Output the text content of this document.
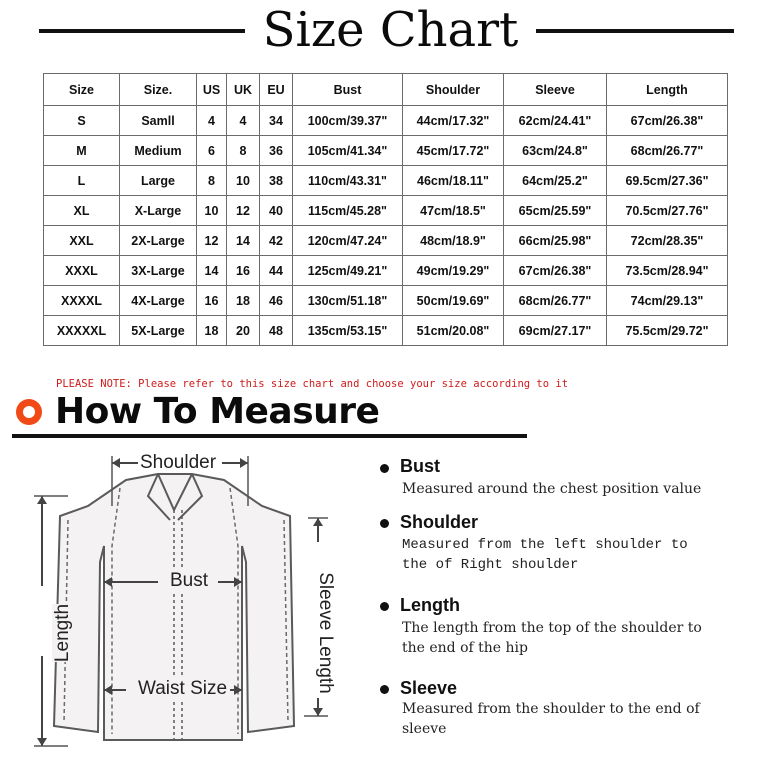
Size Chart
Size	Size.	US	UK	EU	Bust	Shoulder	Sleeve	Length
S	Samll	4	4	34	100cm/39.37"	44cm/17.32"	62cm/24.41"	67cm/26.38"
M	Medium	6	8	36	105cm/41.34"	45cm/17.72"	63cm/24.8"	68cm/26.77"
L	Large	8	10	38	110cm/43.31"	46cm/18.11"	64cm/25.2"	69.5cm/27.36"
XL	X-Large	10	12	40	115cm/45.28"	47cm/18.5"	65cm/25.59"	70.5cm/27.76"
XXL	2X-Large	12	14	42	120cm/47.24"	48cm/18.9"	66cm/25.98"	72cm/28.35"
XXXL	3X-Large	14	16	44	125cm/49.21"	49cm/19.29"	67cm/26.38"	73.5cm/28.94"
XXXXL	4X-Large	16	18	46	130cm/51.18"	50cm/19.69"	68cm/26.77"	74cm/29.13"
XXXXXL	5X-Large	18	20	48	135cm/53.15"	51cm/20.08"	69cm/27.17"	75.5cm/29.72"
PLEASE NOTE: Please refer to this size chart and choose your size according to it
How To Measure
Shoulder
Bust
Waist Size
Length	Sleeve Length
Bust
Measured around the chest position value
Shoulder
Measured from the left shoulder to the of Right shoulder
Length
The length from the top of the shoulder to the end of the hip
Sleeve
Measured from the shoulder to the end of sleeve
